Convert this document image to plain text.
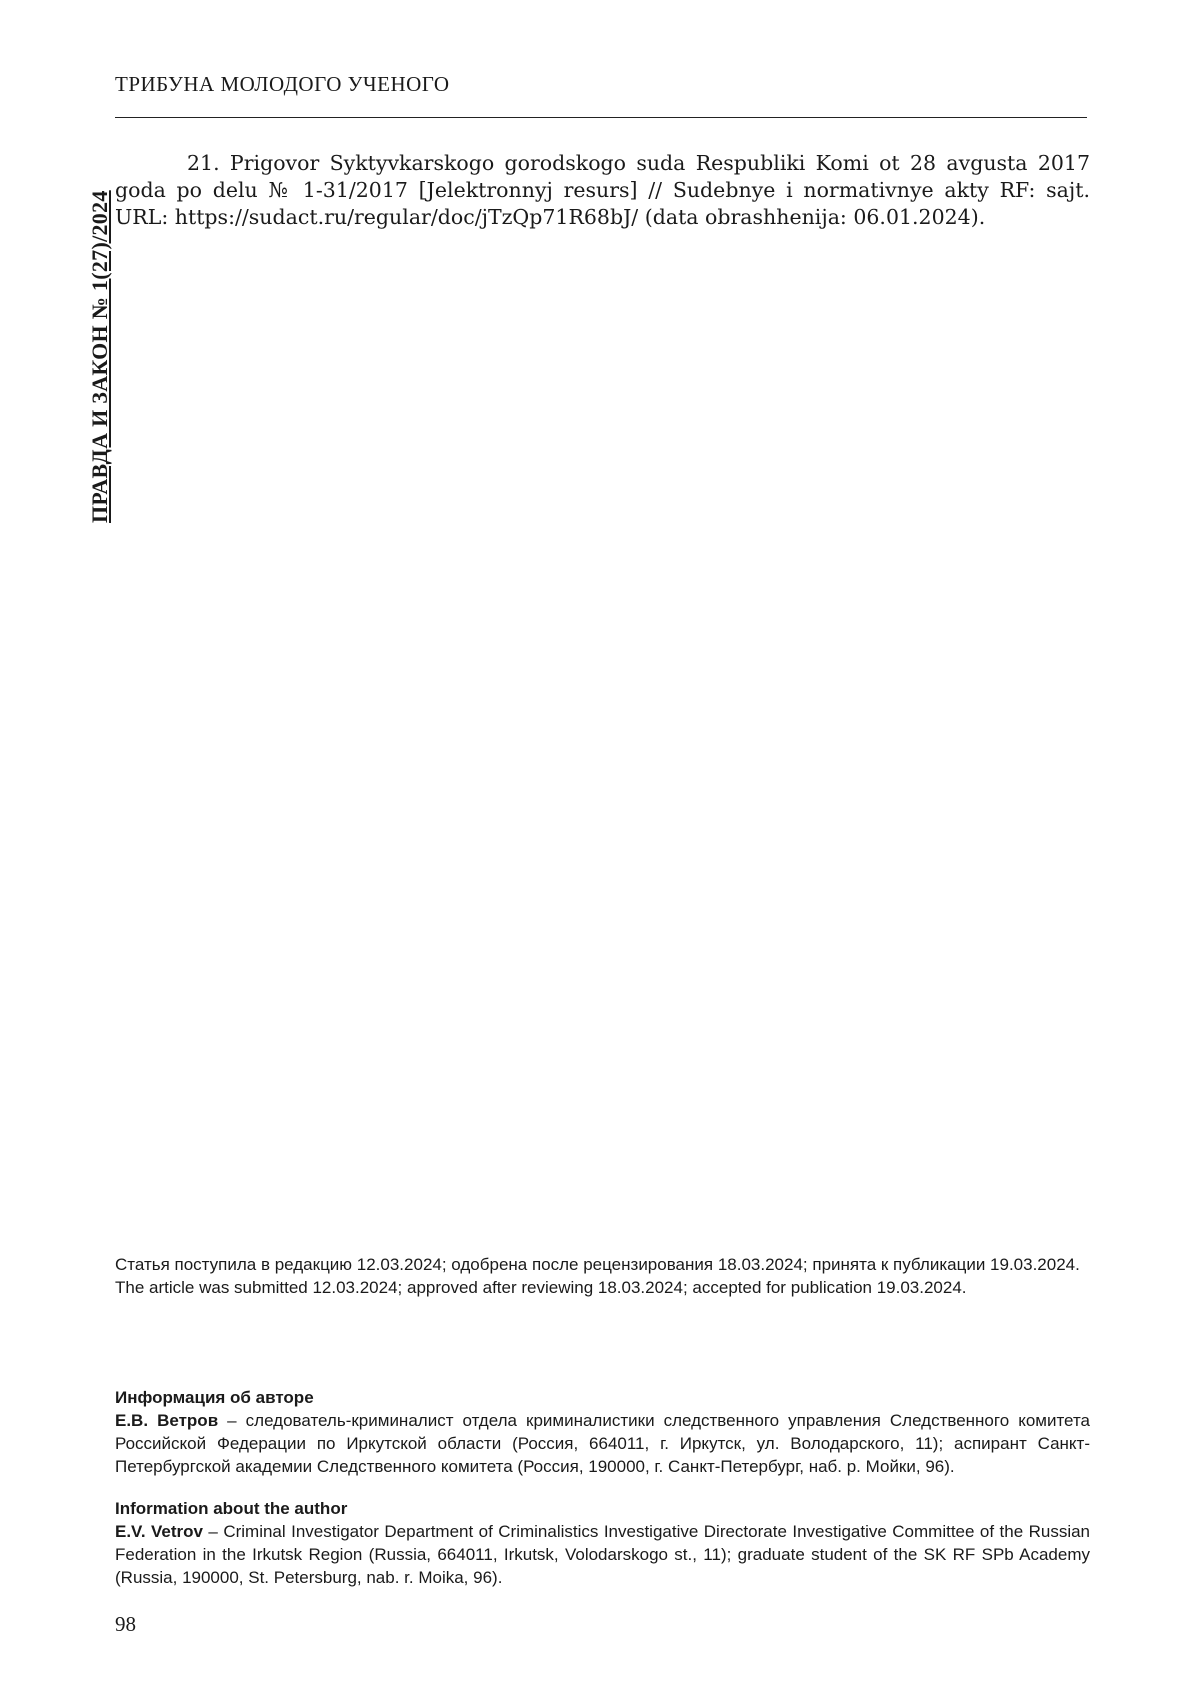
ТРИБУНА МОЛОДОГО УЧЕНОГО
ПРАВДА И ЗАКОН № 1(27)/2024
21. Prigovor Syktyvkarskogo gorodskogo suda Respubliki Komi ot 28 avgusta 2017 goda po delu № 1-31/2017 [Jelektronnyj resurs] // Sudebnye i normativnye akty RF: sajt. URL: https://sudact.ru/regular/doc/jTzQp71R68bJ/ (data obrashhenija: 06.01.2024).

Статья поступила в редакцию 12.03.2024; одобрена после рецензирования 18.03.2024; принята к публикации 19.03.2024.

The article was submitted 12.03.2024; approved after reviewing 18.03.2024; accepted for publication 19.03.2024.

Информация об авторе

Е.В. Ветров – следователь-криминалист отдела криминалистики следственного управления Следственного комитета Российской Федерации по Иркутской области (Россия, 664011, г. Иркутск, ул. Володарского, 11); аспирант Санкт-Петербургской академии Следственного комитета (Россия, 190000, г. Санкт-Петербург, наб. р. Мойки, 96).

Information about the author

E.V. Vetrov – Criminal Investigator Department of Criminalistics Investigative Directorate Investigative Committee of the Russian Federation in the Irkutsk Region (Russia, 664011, Irkutsk, Volodarskogo st., 11); graduate student of the SK RF SPb Academy (Russia, 190000, St. Petersburg, nab. r. Moika, 96).

98
